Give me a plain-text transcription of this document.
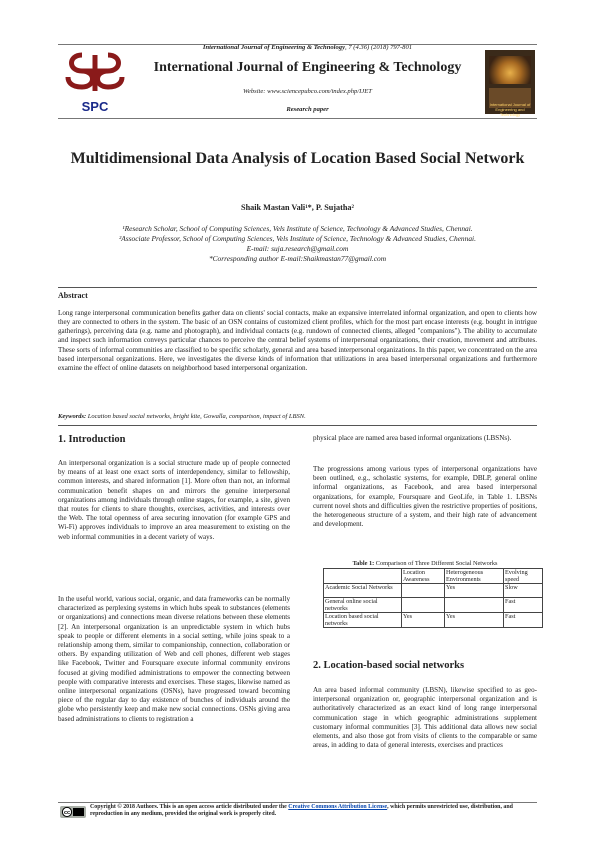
SPC
International Journal of Engineering & Technology, 7 (4.36) (2018) 797-801
International Journal of Engineering & Technology
Website: www.sciencepubco.com/index.php/IJET
Research paper
International Journal of Engineering and Technology
Multidimensional Data Analysis of Location Based Social Network
Shaik Mastan Vali¹*, P. Sujatha²
¹Research Scholar, School of Computing Sciences, Vels Institute of Science, Technology & Advanced Studies, Chennai.
²Associate Professor, School of Computing Sciences, Vels Institute of Science, Technology & Advanced Studies, Chennai.
E-mail: suja.research@gmail.com
*Corresponding author E-mail:Shaikmastan77@gmail.com
Abstract
Long range interpersonal communication benefits gather data on clients' social contacts, make an expansive interrelated informal organization, and open to clients how they are connected to others in the system. The basic of an OSN contains of customized client profiles, which for the most part encase interests (e.g. bought in intrigue gatherings), perceiving data (e.g. name and photograph), and individual contacts (e.g. rundown of connected clients, alleged "companions"). The ability to accumulate and inspect such information conveys particular chances to perceive the central belief systems of interpersonal organizations, their creation, movement and attributes. These sorts of informal communities are classified to be specific scholarly, general and area based interpersonal organizations. In this paper, we concentrated on the area based interpersonal organizations. Here, we investigates the diverse kinds of information that utilizations in area based interpersonal organizations and furthermore examine the effect of online datasets on neighborhood based interpersonal organization.
Keywords: Location based social networks, bright kite, Gowalla, comparison, impact of LBSN.
1. Introduction
An interpersonal organization is a social structure made up of people connected by means of at least one exact sorts of interdependency, similar to fellowship, common interests, and shared information [1]. More often than not, an informal communication benefit shapes on and mirrors the genuine interpersonal organizations among individuals through online stages, for example, a site, given that routes for clients to share thoughts, exercises, activities, and interests over the Web. The total openness of area securing innovation (for example GPS and Wi-Fi) approves individuals to improve an area measurement to existing on the web informal communities in a decent variety of ways.
In the useful world, various social, organic, and data frameworks can be normally characterized as perplexing systems in which hubs speak to substances (elements or organizations) and connections mean diverse relations between these elements [2]. An interpersonal organization is an unpredictable system in which hubs speak to people or different elements in a social setting, while joins speak to a relationship among them, similar to companionship, connection, collaboration or others. By expanding utilization of Web and cell phones, different web stages like Facebook, Twitter and Foursquare execute informal community environs focused at giving modified administrations to empower the connecting between people with comparative interests and exercises. These stages, likewise named as online interpersonal organizations (OSNs), have progressed toward becoming piece of the regular day to day existence of bunches of individuals around the globe who persistently keep and make new social connections. OSNs giving area based administrations to clients to registration a
physical place are named area based informal organizations (LBSNs).
The progressions among various types of interpersonal organizations have been outlined, e.g., scholastic systems, for example, DBLP, general online informal organizations, as Facebook, and area based interpersonal organizations, for example, Foursquare and GeoLife, in Table 1. LBSNs current novel shots and difficulties given the restrictive properties of positions, the heterogeneous structure of a system, and their high rate of advancement and development.
Table 1: Comparison of Three Different Social Networks
	Location Awareness	Heterogeneous Environments	Evolving speed
Academic Social Networks		Yes	Slow
General online social networks			Fast
Location based social networks	Yes	Yes	Fast
2. Location-based social networks
An area based informal community (LBSN), likewise specified to as geo-interpersonal organization or, geographic interpersonal organization and is authoritatively characterized as an exact kind of long range interpersonal communication stage in which geographic administrations supplement customary informal communities [3]. This additional data allows new social elements, and also those got from visits of clients to the comparable or same areas, in adding to data of general interests, exercises and practices
cc
Copyright © 2018 Authors. This is an open access article distributed under the Creative Commons Attribution License, which permits unrestricted use, distribution, and reproduction in any medium, provided the original work is properly cited.
